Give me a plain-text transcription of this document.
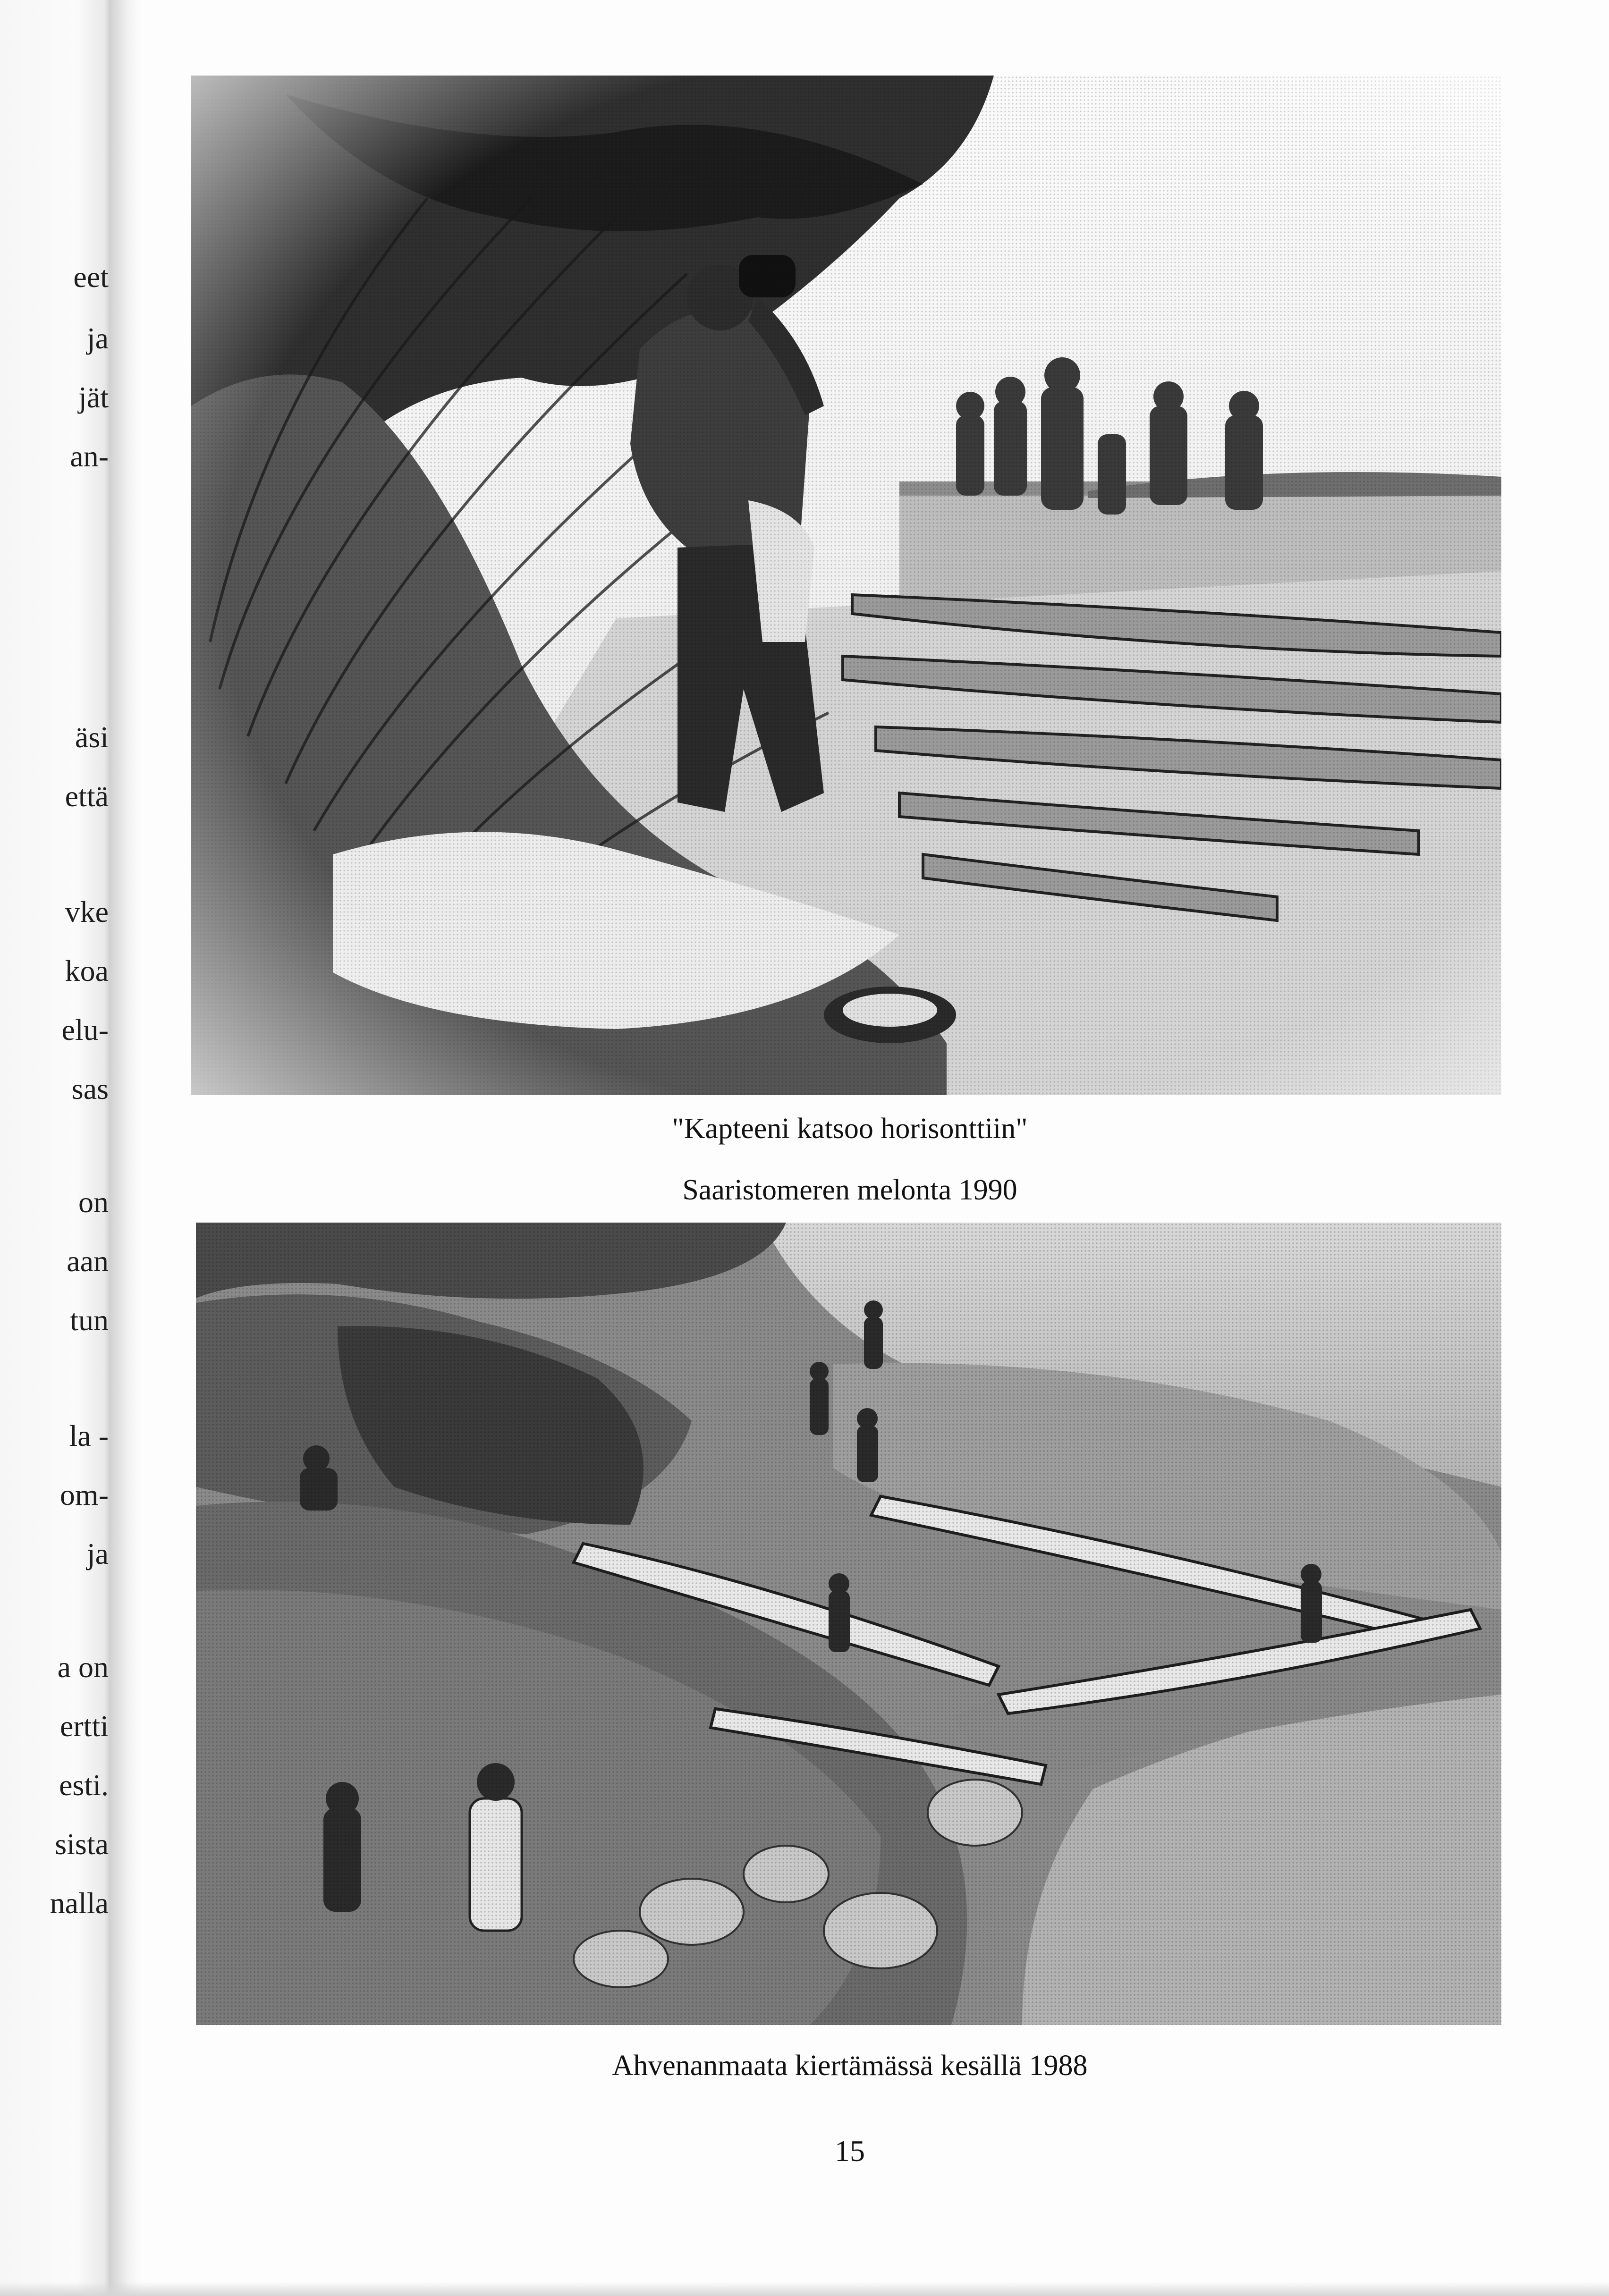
eet
ja
jät
an-
äsi
että
vke
koa
elu-
sas
on
aan
tun
la -
om-
ja
a on
ertti
esti.
sista
nalla
"Kapteeni katsoo horisonttiin"
Saaristomeren melonta 1990
Ahvenanmaata kiertämässä kesällä 1988
15
